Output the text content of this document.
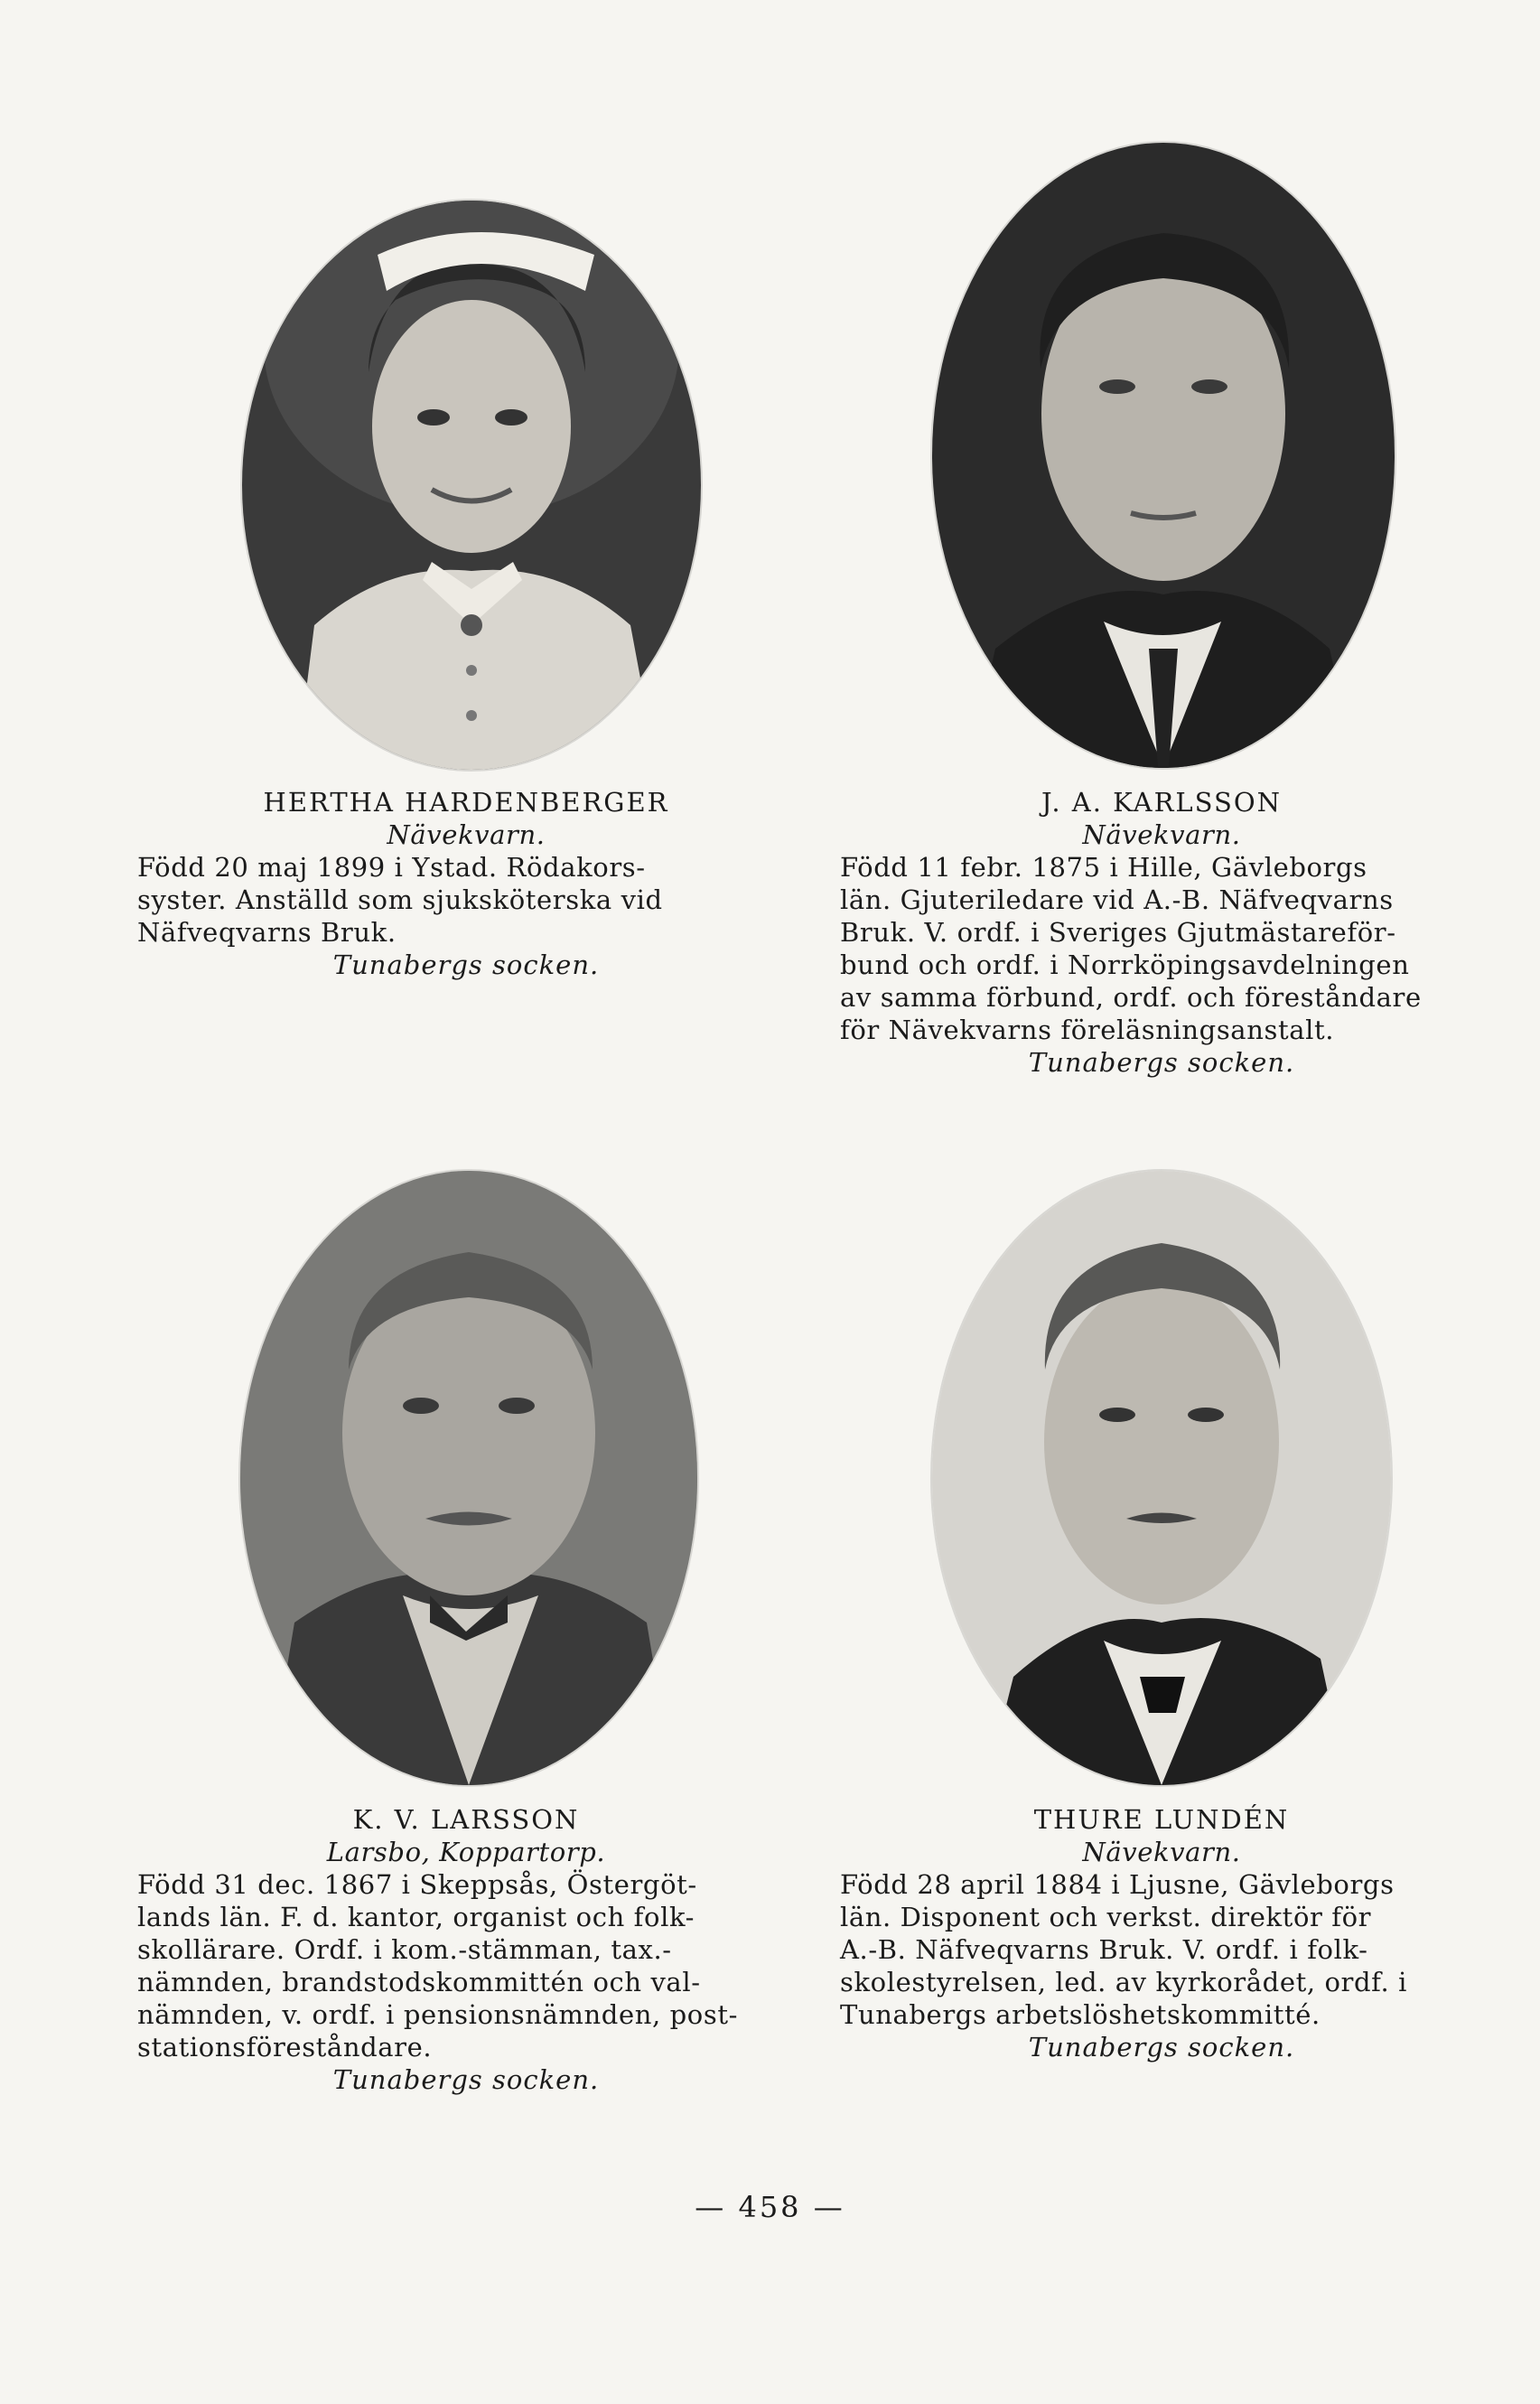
HERTHA HARDENBERGER
Nävekvarn.

Född 20 maj 1899 i Ystad. Rödakors-

syster. Anställd som sjuksköterska vid

Näfveqvarns Bruk.

Tunabergs socken.
J. A. KARLSSON
Nävekvarn.

Född 11 febr. 1875 i Hille, Gävleborgs

län. Gjuteriledare vid A.-B. Näfveqvarns

Bruk. V. ordf. i Sveriges Gjutmästareför-

bund och ordf. i Norrköpingsavdelningen

av samma förbund, ordf. och föreståndare

för Nävekvarns föreläsningsanstalt.

Tunabergs socken.
K. V. LARSSON
Larsbo, Koppartorp.

Född 31 dec. 1867 i Skeppsås, Östergöt-

lands län. F. d. kantor, organist och folk-

skollärare. Ordf. i kom.-stämman, tax.-

nämnden, brandstodskommittén och val-

nämnden, v. ordf. i pensionsnämnden, post-

stationsföreståndare.

Tunabergs socken.
THURE LUNDÉN
Nävekvarn.

Född 28 april 1884 i Ljusne, Gävleborgs

län. Disponent och verkst. direktör för

A.-B. Näfveqvarns Bruk. V. ordf. i folk-

skolestyrelsen, led. av kyrkorådet, ordf. i

Tunabergs arbetslöshetskommitté.

Tunabergs socken.
— 458 —
